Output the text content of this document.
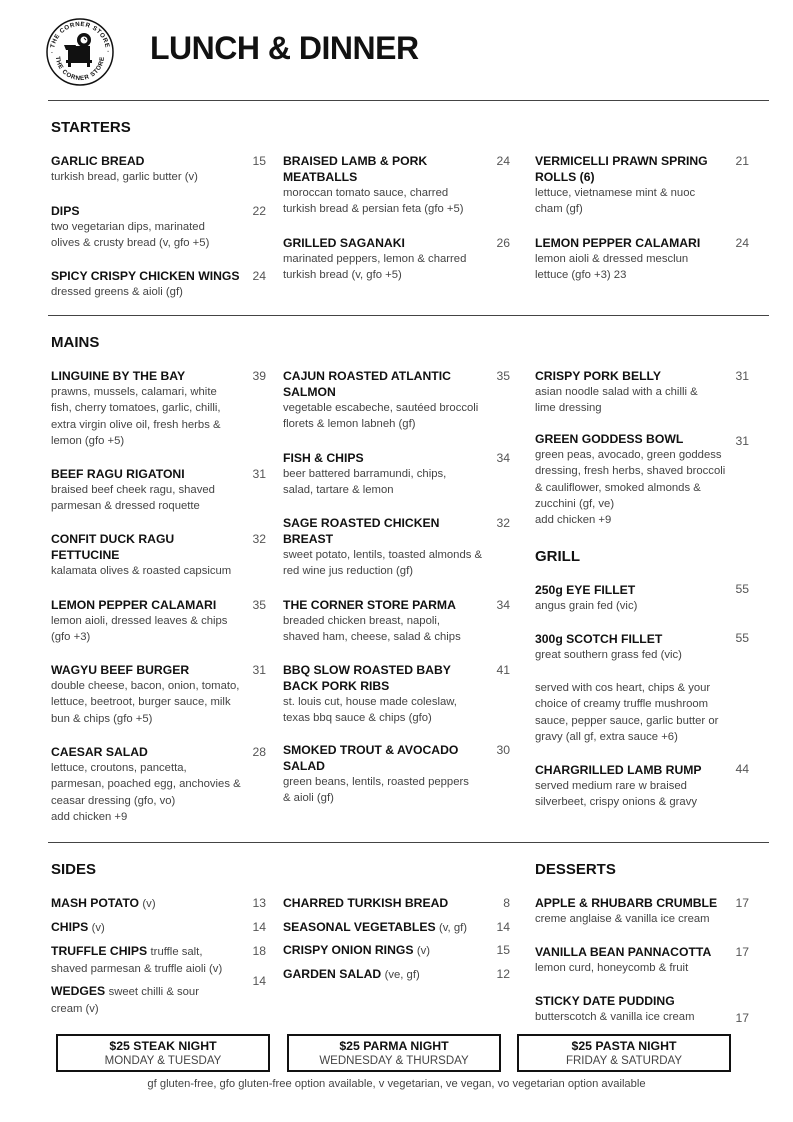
· THE CORNER STORE ·
THE CORNER STORE LUNCH & DINNER
STARTERS
GARLIC BREAD
turkish bread, garlic butter (v)
15
DIPS
two vegetarian dips, marinated olives & crusty bread (v, gfo +5)
22
SPICY CRISPY CHICKEN WINGS
dressed greens & aioli (gf)
24
BRAISED LAMB & PORK MEATBALLS
moroccan tomato sauce, charred turkish bread & persian feta (gfo +5)
24
GRILLED SAGANAKI
marinated peppers, lemon & charred turkish bread (v, gfo +5)
26
VERMICELLI PRAWN SPRING ROLLS (6)
lettuce, vietnamese mint & nuoc cham (gf)
21
LEMON PEPPER CALAMARI
lemon aioli & dressed mesclun lettuce (gfo +3) 23
24
MAINS
LINGUINE BY THE BAY
prawns, mussels, calamari, white fish, cherry tomatoes, garlic, chilli, extra virgin olive oil, fresh herbs & lemon (gfo +5)
39
BEEF RAGU RIGATONI
braised beef cheek ragu, shaved parmesan & dressed roquette
31
CONFIT DUCK RAGU FETTUCINE
kalamata olives & roasted capsicum
32
LEMON PEPPER CALAMARI
lemon aioli, dressed leaves & chips (gfo +3)
35
WAGYU BEEF BURGER
double cheese, bacon, onion, tomato, lettuce, beetroot, burger sauce, milk bun & chips (gfo +5)
31
CAESAR SALAD
lettuce, croutons, pancetta, parmesan, poached egg, anchovies & ceasar dressing (gfo, vo)
add chicken +9
28
CAJUN ROASTED ATLANTIC SALMON
vegetable escabeche, sautéed broccoli florets & lemon labneh (gf)
35
FISH & CHIPS
beer battered barramundi, chips, salad, tartare & lemon
34
SAGE ROASTED CHICKEN BREAST
sweet potato, lentils, toasted almonds & red wine jus reduction (gf)
32
THE CORNER STORE PARMA
breaded chicken breast, napoli, shaved ham, cheese, salad & chips
34
BBQ SLOW ROASTED BABY BACK PORK RIBS
st. louis cut, house made coleslaw, texas bbq sauce & chips (gfo)
41
SMOKED TROUT & AVOCADO SALAD
green beans, lentils, roasted peppers & aioli (gf)
30
CRISPY PORK BELLY
asian noodle salad with a chilli & lime dressing
31
GREEN GODDESS BOWL
green peas, avocado, green goddess dressing, fresh herbs, shaved broccoli & cauliflower, smoked almonds & zucchini (gf, ve)
add chicken +9
31
GRILL
250g EYE FILLET
angus grain fed (vic)
55
300g SCOTCH FILLET
great southern grass fed (vic)
55
served with cos heart, chips & your choice of creamy truffle mushroom sauce, pepper sauce, garlic butter or gravy (all gf, extra sauce +6)
CHARGRILLED LAMB RUMP
served medium rare w braised silverbeet, crispy onions & gravy
44
SIDES
MASH POTATO (v)	13
CHIPS (v)	14
TRUFFLE CHIPS truffle salt, shaved parmesan & truffle aioli (v)
18
WEDGES sweet chilli & sour cream (v)
14
CHARRED TURKISH BREAD	8
SEASONAL VEGETABLES (v, gf)	14
CRISPY ONION RINGS (v)	15
GARDEN SALAD (ve, gf)	12
DESSERTS
APPLE & RHUBARB CRUMBLE
creme anglaise & vanilla ice cream
17
VANILLA BEAN PANNACOTTA
lemon curd, honeycomb & fruit
17
STICKY DATE PUDDING
butterscotch & vanilla ice cream	17
$25 STEAK NIGHT
MONDAY & TUESDAY
$25 PARMA NIGHT
WEDNESDAY & THURSDAY
$25 PASTA NIGHT
FRIDAY & SATURDAY
gf gluten-free, gfo gluten-free option available, v vegetarian, ve vegan, vo vegetarian option available
